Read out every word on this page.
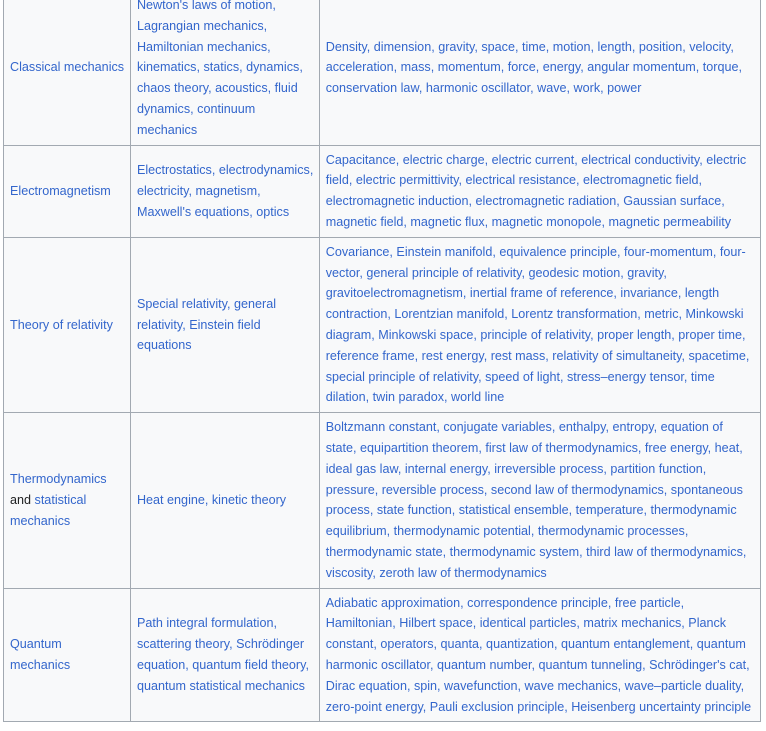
Classical mechanics	Newton's laws of motion, Lagrangian mechanics, Hamiltonian mechanics, kinematics, statics, dynamics, chaos theory, acoustics, fluid dynamics, continuum mechanics	Density, dimension, gravity, space, time, motion, length, position, velocity, acceleration, mass, momentum, force, energy, angular momentum, torque, conservation law, harmonic oscillator, wave, work, power
Electromagnetism	Electrostatics, electrodynamics, electricity, magnetism, Maxwell's equations, optics	Capacitance, electric charge, electric current, electrical conductivity, electric field, electric permittivity, electrical resistance, electromagnetic field, electromagnetic induction, electromagnetic radiation, Gaussian surface, magnetic field, magnetic flux, magnetic monopole, magnetic permeability
Theory of relativity	Special relativity, general relativity, Einstein field equations	Covariance, Einstein manifold, equivalence principle, four-momentum, four-vector, general principle of relativity, geodesic motion, gravity, gravitoelectromagnetism, inertial frame of reference, invariance, length contraction, Lorentzian manifold, Lorentz transformation, metric, Minkowski diagram, Minkowski space, principle of relativity, proper length, proper time, reference frame, rest energy, rest mass, relativity of simultaneity, spacetime, special principle of relativity, speed of light, stress–energy tensor, time dilation, twin paradox, world line
Thermodynamics and statistical mechanics	Heat engine, kinetic theory	Boltzmann constant, conjugate variables, enthalpy, entropy, equation of state, equipartition theorem, first law of thermodynamics, free energy, heat, ideal gas law, internal energy, irreversible process, partition function, pressure, reversible process, second law of thermodynamics, spontaneous process, state function, statistical ensemble, temperature, thermodynamic equilibrium, thermodynamic potential, thermodynamic processes, thermodynamic state, thermodynamic system, third law of thermodynamics, viscosity, zeroth law of thermodynamics
Quantum mechanics	Path integral formulation, scattering theory, Schrödinger equation, quantum field theory, quantum statistical mechanics	Adiabatic approximation, correspondence principle, free particle, Hamiltonian, Hilbert space, identical particles, matrix mechanics, Planck constant, operators, quanta, quantization, quantum entanglement, quantum harmonic oscillator, quantum number, quantum tunneling, Schrödinger's cat, Dirac equation, spin, wavefunction, wave mechanics, wave–particle duality, zero-point energy, Pauli exclusion principle, Heisenberg uncertainty principle
